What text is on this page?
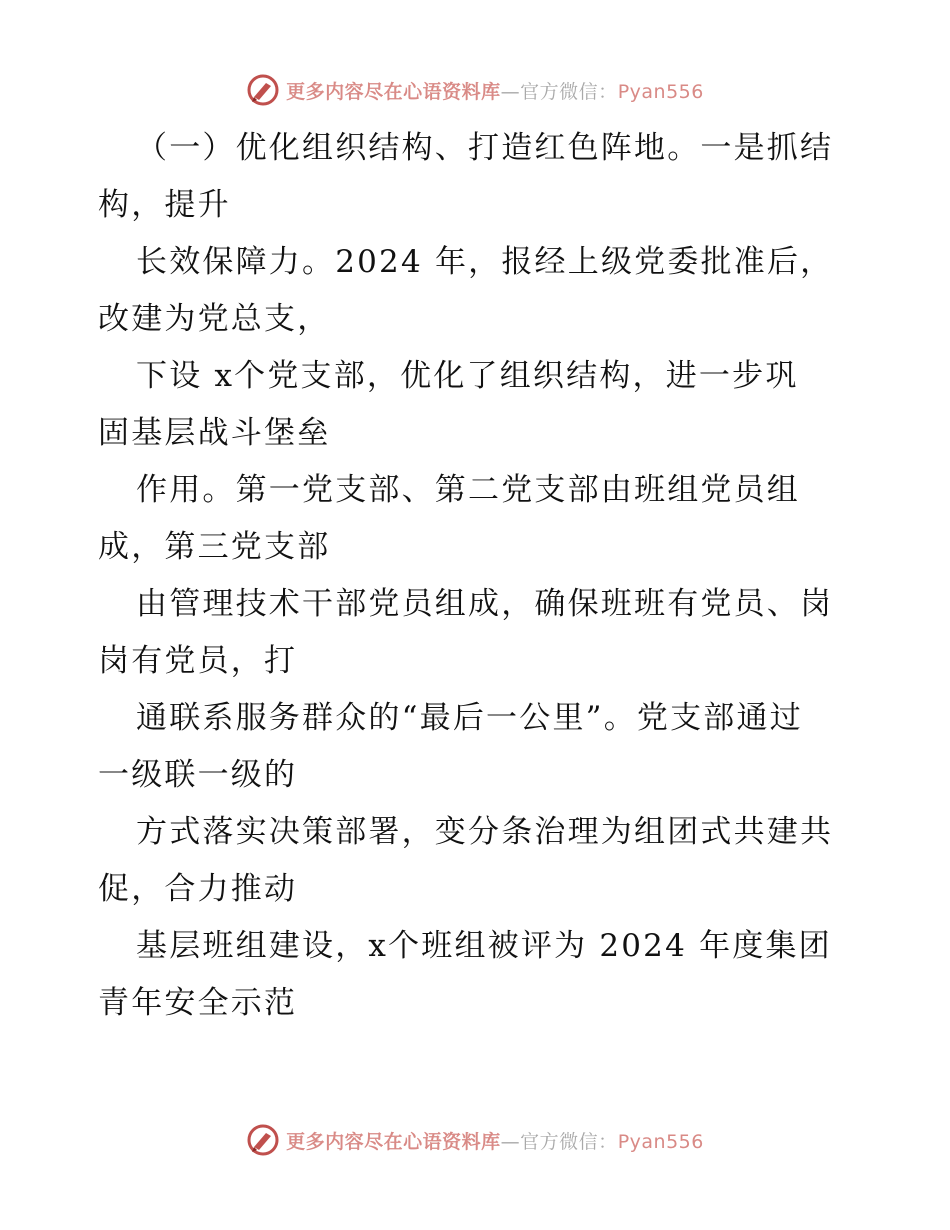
更多内容尽在心语资料库—官方微信：Pyan556
（一）优化组织结构、打造红色阵地。一是抓结
构，提升
长效保障力。2024 年，报经上级党委批准后，
改建为党总支，
下设 x个党支部，优化了组织结构，进一步巩
固基层战斗堡垒
作用。第一党支部、第二党支部由班组党员组
成，第三党支部
由管理技术干部党员组成，确保班班有党员、岗
岗有党员，打
通联系服务群众的“最后一公里”。党支部通过
一级联一级的
方式落实决策部署，变分条治理为组团式共建共
促，合力推动
基层班组建设，x个班组被评为 2024 年度集团
青年安全示范
更多内容尽在心语资料库—官方微信：Pyan556
